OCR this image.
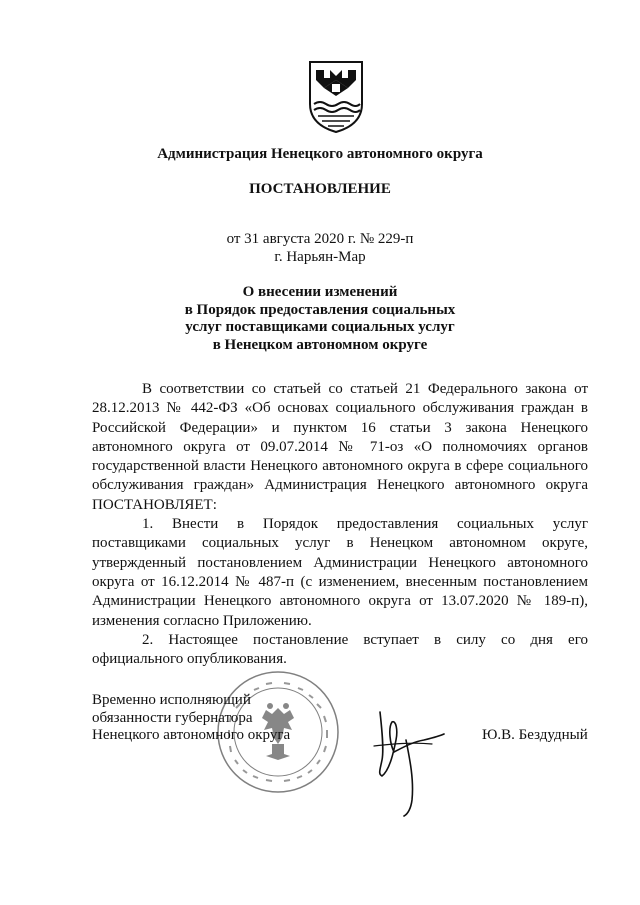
Администрация Ненецкого автономного округа
ПОСТАНОВЛЕНИЕ
от 31 августа 2020 г. № 229-п
г. Нарьян-Мар
О внесении изменений
в Порядок предоставления социальных
услуг поставщиками социальных услуг
в Ненецком автономном округе

В соответствии со статьей со статьей 21 Федерального закона от 28.12.2013 № 442-ФЗ «Об основах социального обслуживания граждан в Российской Федерации» и пунктом 16 статьи 3 закона Ненецкого автономного округа от 09.07.2014 № 71-оз «О полномочиях органов государственной власти Ненецкого автономного округа в сфере социального обслуживания граждан» Администрация Ненецкого автономного округа ПОСТАНОВЛЯЕТ:

1. Внести в Порядок предоставления социальных услуг поставщиками социальных услуг в Ненецком автономном округе, утвержденный постановлением Администрации Ненецкого автономного округа от 16.12.2014 № 487-п (с изменением, внесенным постановлением Администрации Ненецкого автономного округа от 13.07.2020 № 189-п), изменения согласно Приложению.

2. Настоящее постановление вступает в силу со дня его официального опубликования.

Временно исполняющий
обязанности губернатора
Ненецкого автономного округа	Ю.В. Бездудный
